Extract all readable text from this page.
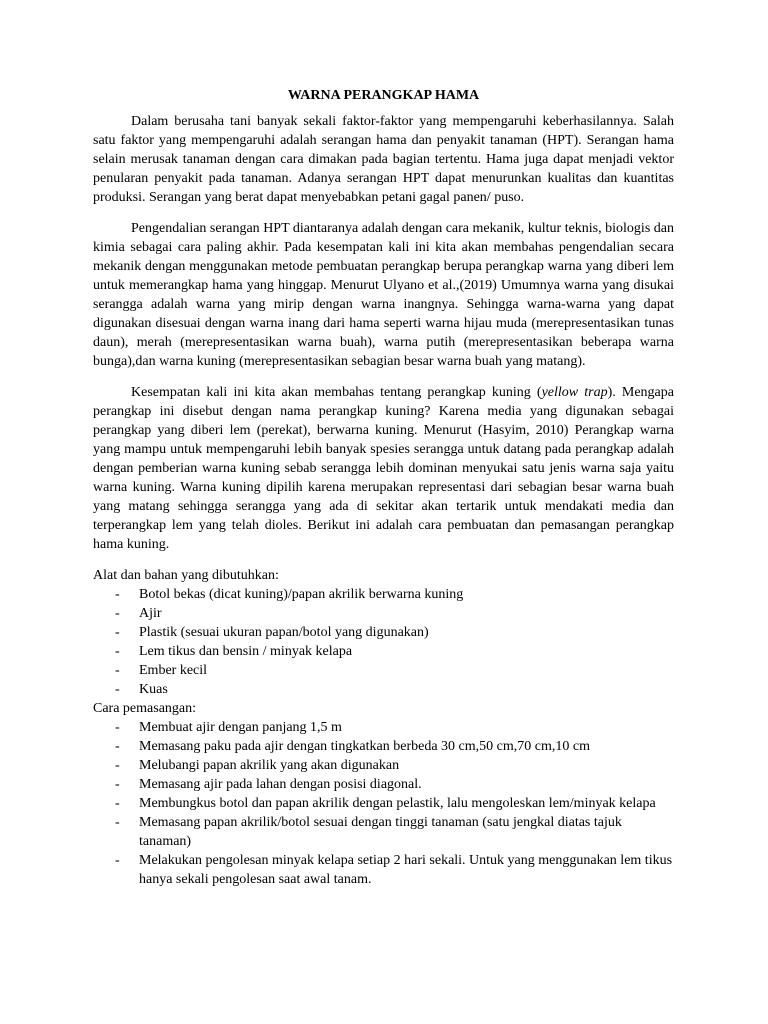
WARNA PERANGKAP HAMA

Dalam berusaha tani banyak sekali faktor-faktor yang mempengaruhi keberhasilannya. Salah satu faktor yang mempengaruhi adalah serangan hama dan penyakit tanaman (HPT). Serangan hama selain merusak tanaman dengan cara dimakan pada bagian tertentu. Hama juga dapat menjadi vektor penularan penyakit pada tanaman. Adanya serangan HPT dapat menurunkan kualitas dan kuantitas produksi. Serangan yang berat dapat menyebabkan petani gagal panen/ puso.

Pengendalian serangan HPT diantaranya adalah dengan cara mekanik, kultur teknis, biologis dan kimia sebagai cara paling akhir. Pada kesempatan kali ini kita akan membahas pengendalian secara mekanik dengan menggunakan metode pembuatan perangkap berupa perangkap warna yang diberi lem untuk memerangkap hama yang hinggap. Menurut Ulyano et al.,(2019) Umumnya warna yang disukai serangga adalah warna yang mirip dengan warna inangnya. Sehingga warna-warna yang dapat digunakan disesuai dengan warna inang dari hama seperti warna hijau muda (merepresentasikan tunas daun), merah (merepresentasikan warna buah), warna putih (merepresentasikan beberapa warna bunga),dan warna kuning (merepresentasikan sebagian besar warna buah yang matang).

Kesempatan kali ini kita akan membahas tentang perangkap kuning (yellow trap). Mengapa perangkap ini disebut dengan nama perangkap kuning? Karena media yang digunakan sebagai perangkap yang diberi lem (perekat), berwarna kuning. Menurut (Hasyim, 2010) Perangkap warna yang mampu untuk mempengaruhi lebih banyak spesies serangga untuk datang pada perangkap adalah dengan pemberian warna kuning sebab serangga lebih dominan menyukai satu jenis warna saja yaitu warna kuning. Warna kuning dipilih karena merupakan representasi dari sebagian besar warna buah yang matang sehingga serangga yang ada di sekitar akan tertarik untuk mendakati media dan terperangkap lem yang telah dioles. Berikut ini adalah cara pembuatan dan pemasangan perangkap hama kuning.

Alat dan bahan yang dibutuhkan:
- Botol bekas (dicat kuning)/papan akrilik berwarna kuning
- Ajir
- Plastik (sesuai ukuran papan/botol yang digunakan)
- Lem tikus dan bensin / minyak kelapa
- Ember kecil
- Kuas
Cara pemasangan:
- Membuat ajir dengan panjang 1,5 m
- Memasang paku pada ajir dengan tingkatkan berbeda 30 cm,50 cm,70 cm,10 cm
- Melubangi papan akrilik yang akan digunakan
- Memasang ajir pada lahan dengan posisi diagonal.
- Membungkus botol dan papan akrilik dengan pelastik, lalu mengoleskan lem/minyak kelapa
- Memasang papan akrilik/botol sesuai dengan tinggi tanaman (satu jengkal diatas tajuk tanaman)
- Melakukan pengolesan minyak kelapa setiap 2 hari sekali. Untuk yang menggunakan lem tikus hanya sekali pengolesan saat awal tanam.
